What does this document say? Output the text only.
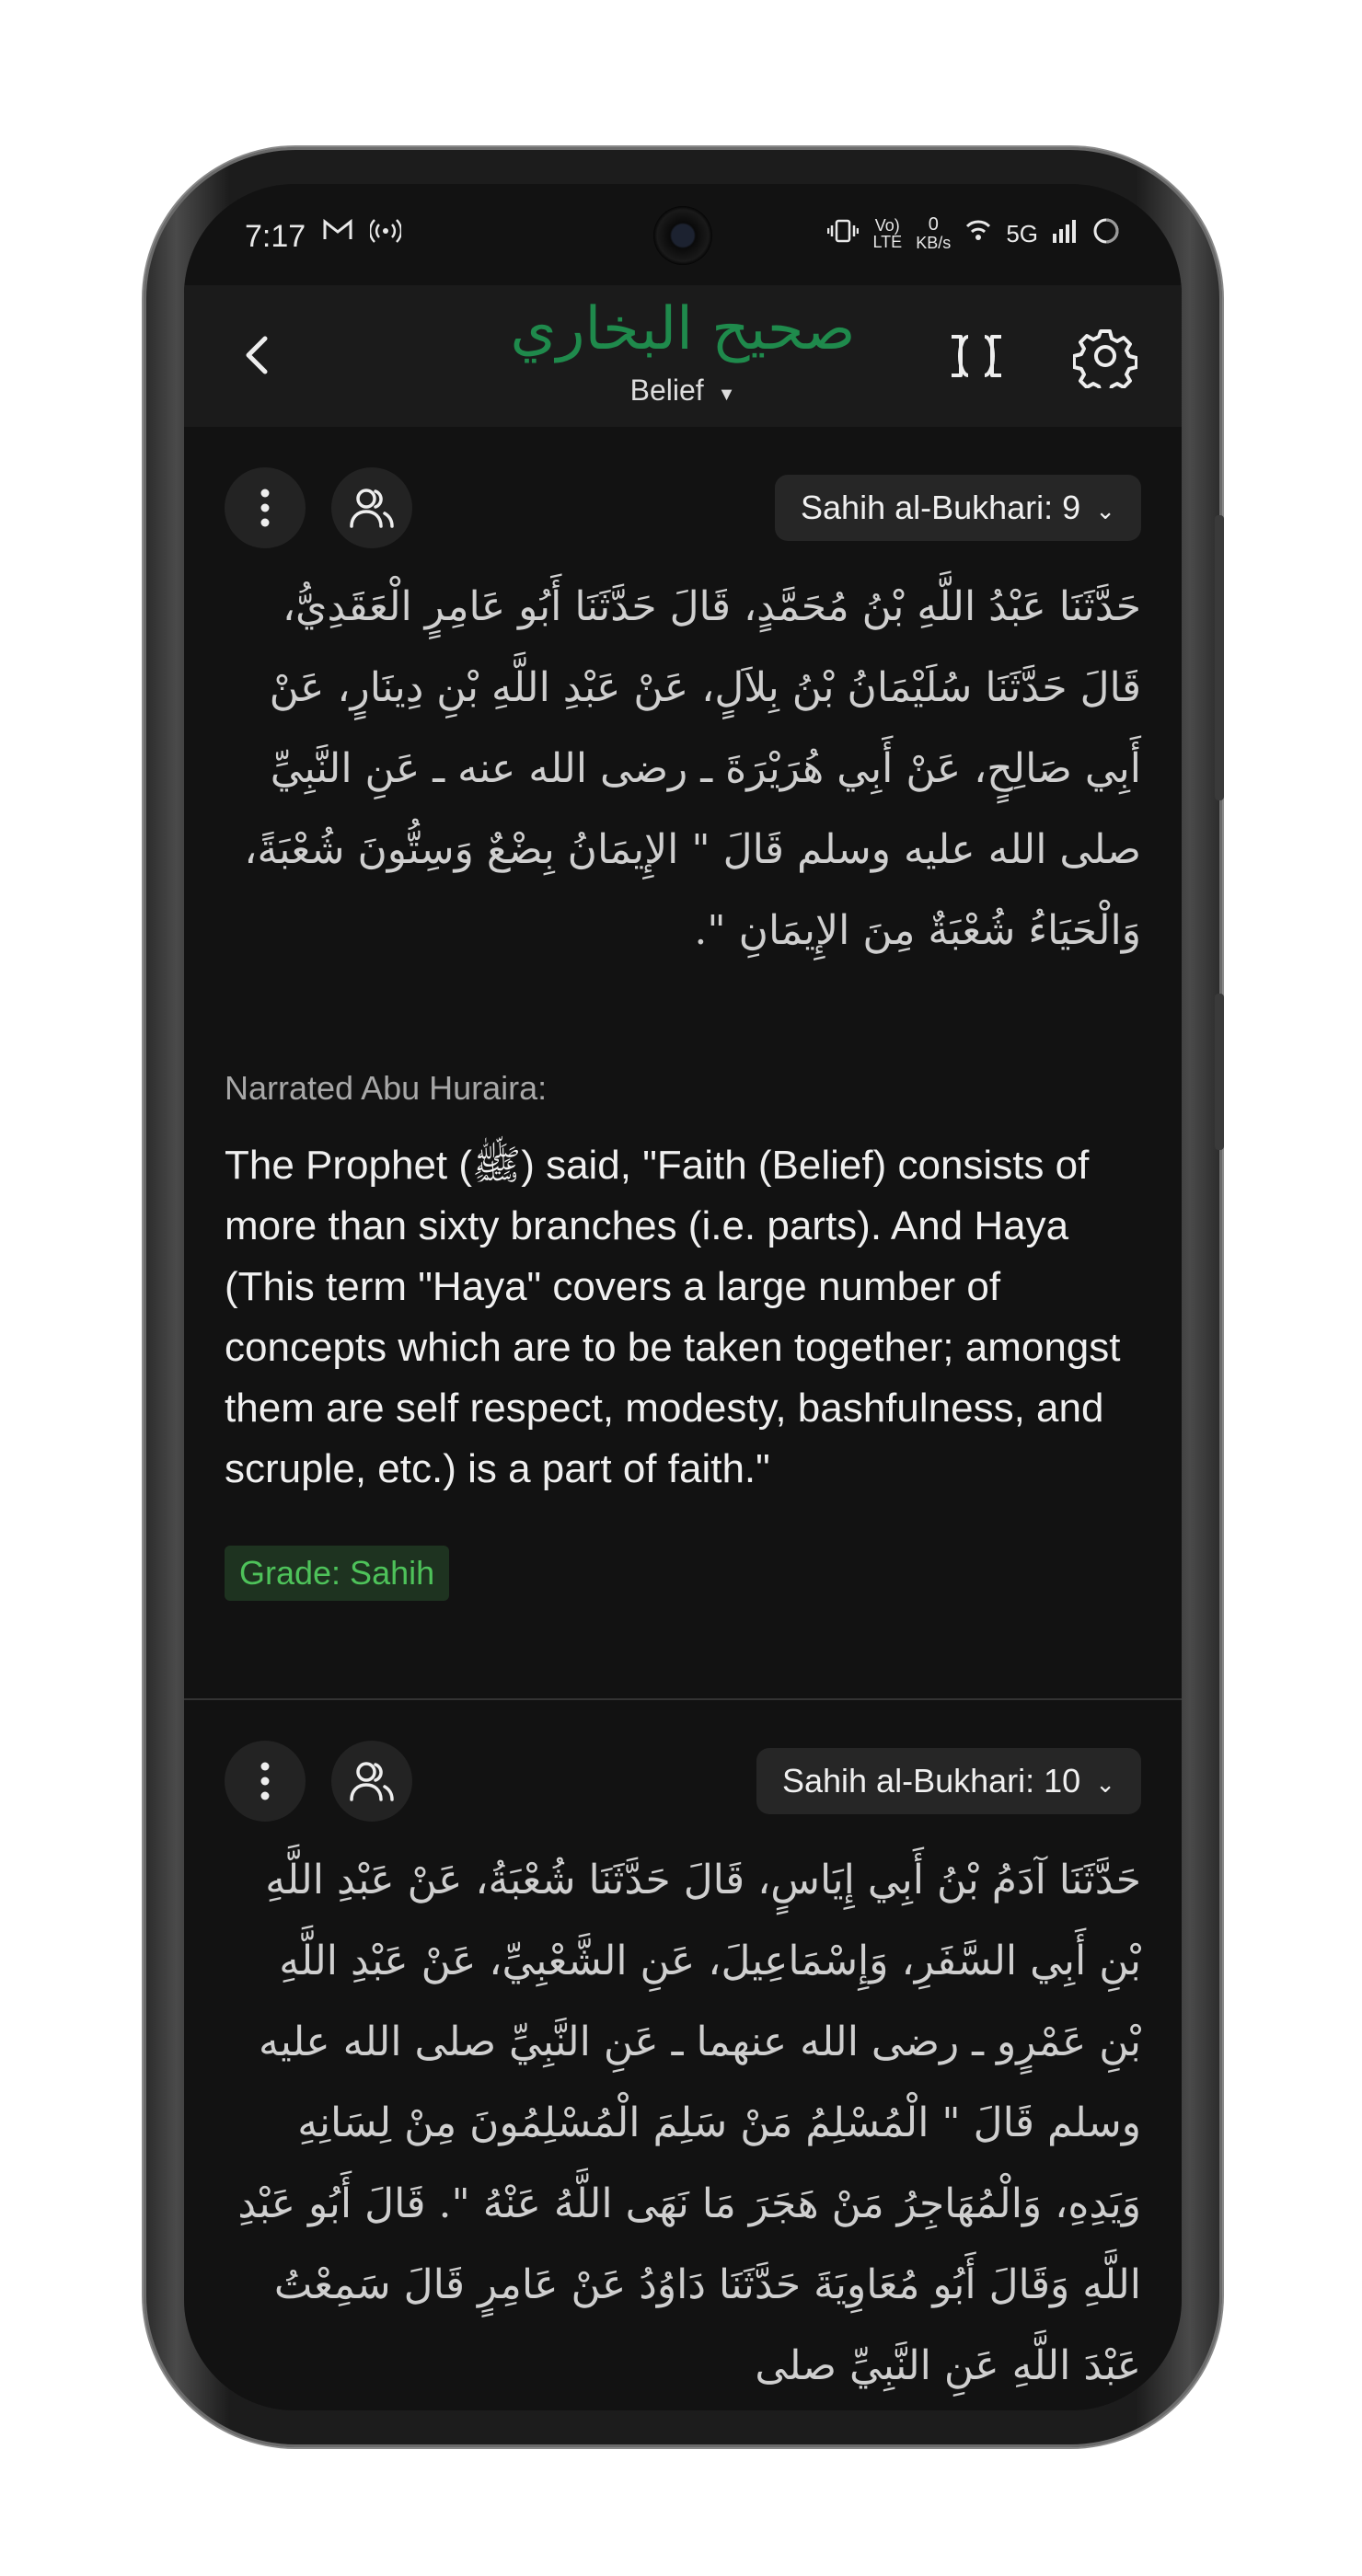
7:17	Vo) LTE
0
KB/s 5G
صحيح البخاري
Belief ▼
Sahih al-Bukhari: 9 ⌄
حَدَّثَنَا عَبْدُ اللَّهِ بْنُ مُحَمَّدٍ، قَالَ حَدَّثَنَا أَبُو عَامِرٍ الْعَقَدِيُّ، قَالَ حَدَّثَنَا سُلَيْمَانُ بْنُ بِلاَلٍ، عَنْ عَبْدِ اللَّهِ بْنِ دِينَارٍ، عَنْ أَبِي صَالِحٍ، عَنْ أَبِي هُرَيْرَةَ ـ رضى الله عنه ـ عَنِ النَّبِيِّ صلى الله عليه وسلم قَالَ " الإِيمَانُ بِضْعٌ وَسِتُّونَ شُعْبَةً، وَالْحَيَاءُ شُعْبَةٌ مِنَ الإِيمَانِ ".
Narrated Abu Huraira:
The Prophet (ﷺ) said, "Faith (Belief) consists of more than sixty branches (i.e. parts). And Haya (This term "Haya" covers a large number of concepts which are to be taken together; amongst them are self respect, modesty, bashfulness, and scruple, etc.) is a part of faith."
Grade: Sahih
Sahih al-Bukhari: 10 ⌄
حَدَّثَنَا آدَمُ بْنُ أَبِي إِيَاسٍ، قَالَ حَدَّثَنَا شُعْبَةُ، عَنْ عَبْدِ اللَّهِ بْنِ أَبِي السَّفَرِ، وَإِسْمَاعِيلَ، عَنِ الشَّعْبِيِّ، عَنْ عَبْدِ اللَّهِ بْنِ عَمْرٍو ـ رضى الله عنهما ـ عَنِ النَّبِيِّ صلى الله عليه وسلم قَالَ " الْمُسْلِمُ مَنْ سَلِمَ الْمُسْلِمُونَ مِنْ لِسَانِهِ وَيَدِهِ، وَالْمُهَاجِرُ مَنْ هَجَرَ مَا نَهَى اللَّهُ عَنْهُ ". قَالَ أَبُو عَبْدِ اللَّهِ وَقَالَ أَبُو مُعَاوِيَةَ حَدَّثَنَا دَاوُدُ عَنْ عَامِرٍ قَالَ سَمِعْتُ عَبْدَ اللَّهِ عَنِ النَّبِيِّ صلى
